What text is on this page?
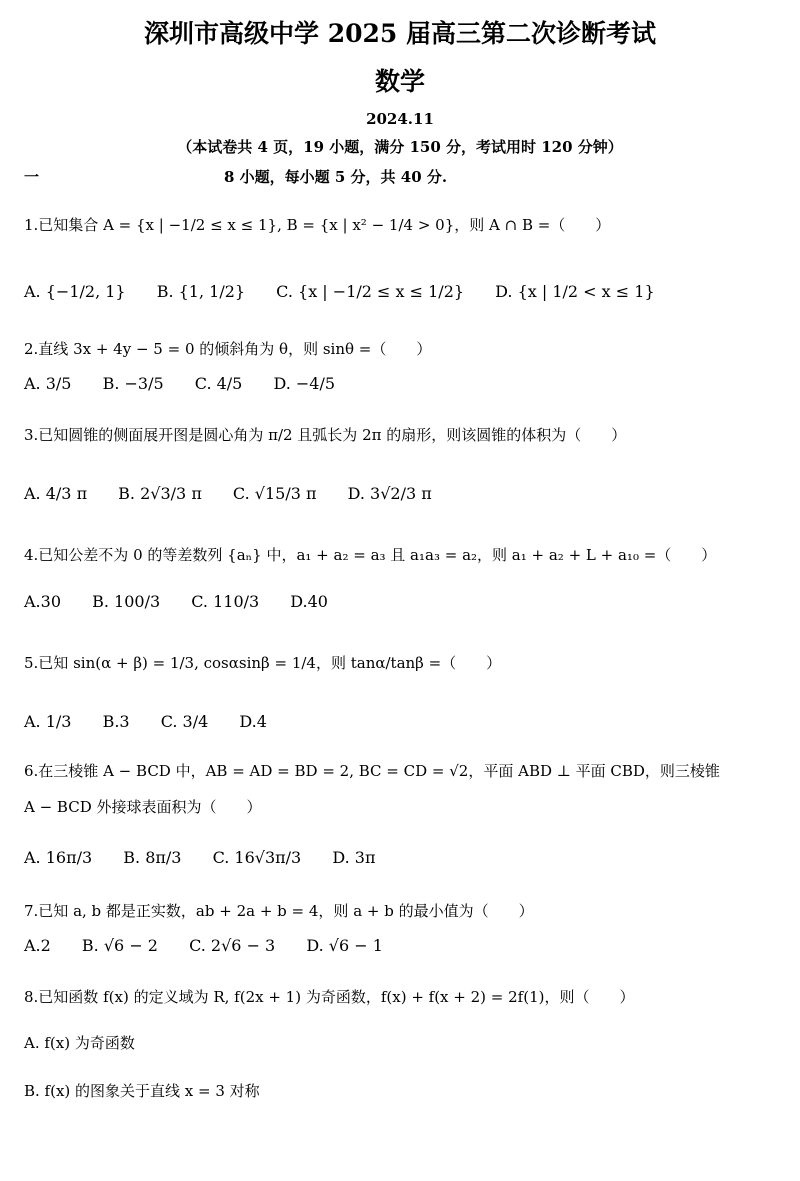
深圳市高级中学 2025 届高三第二次诊断考试
数学
2024.11
（本试卷共 4 页，19 小题，满分 150 分，考试用时 120 分钟）
一	8 小题，每小题 5 分，共 40 分.
1.已知集合 A = {x | −1/2 ≤ x ≤ 1}, B = {x | x² − 1/4 > 0}，则 A ∩ B =（　　）
A. {−1/2, 1} B. {1, 1/2} C. {x | −1/2 ≤ x ≤ 1/2} D. {x | 1/2 < x ≤ 1}
2.直线 3x + 4y − 5 = 0 的倾斜角为 θ，则 sinθ =（　　）
A. 3/5 B. −3/5 C. 4/5 D. −4/5
3.已知圆锥的侧面展开图是圆心角为 π/2 且弧长为 2π 的扇形，则该圆锥的体积为（　　）
A. 4/3 π B. 2√3/3 π C. √15/3 π D. 3√2/3 π
4.已知公差不为 0 的等差数列 {aₙ} 中，a₁ + a₂ = a₃ 且 a₁a₃ = a₂，则 a₁ + a₂ + L + a₁₀ =（　　）
A.30 B. 100/3 C. 110/3 D.40
5.已知 sin(α + β) = 1/3, cosαsinβ = 1/4，则 tanα/tanβ =（　　）
A. 1/3 B.3 C. 3/4 D.4
6.在三棱锥 A − BCD 中，AB = AD = BD = 2, BC = CD = √2，平面 ABD ⊥ 平面 CBD，则三棱锥
A − BCD 外接球表面积为（　　）
A. 16π/3 B. 8π/3 C. 16√3π/3 D. 3π
7.已知 a, b 都是正实数，ab + 2a + b = 4，则 a + b 的最小值为（　　）
A.2 B. √6 − 2 C. 2√6 − 3 D. √6 − 1
8.已知函数 f(x) 的定义域为 R, f(2x + 1) 为奇函数，f(x) + f(x + 2) = 2f(1)，则（　　）
A. f(x) 为奇函数
B. f(x) 的图象关于直线 x = 3 对称
